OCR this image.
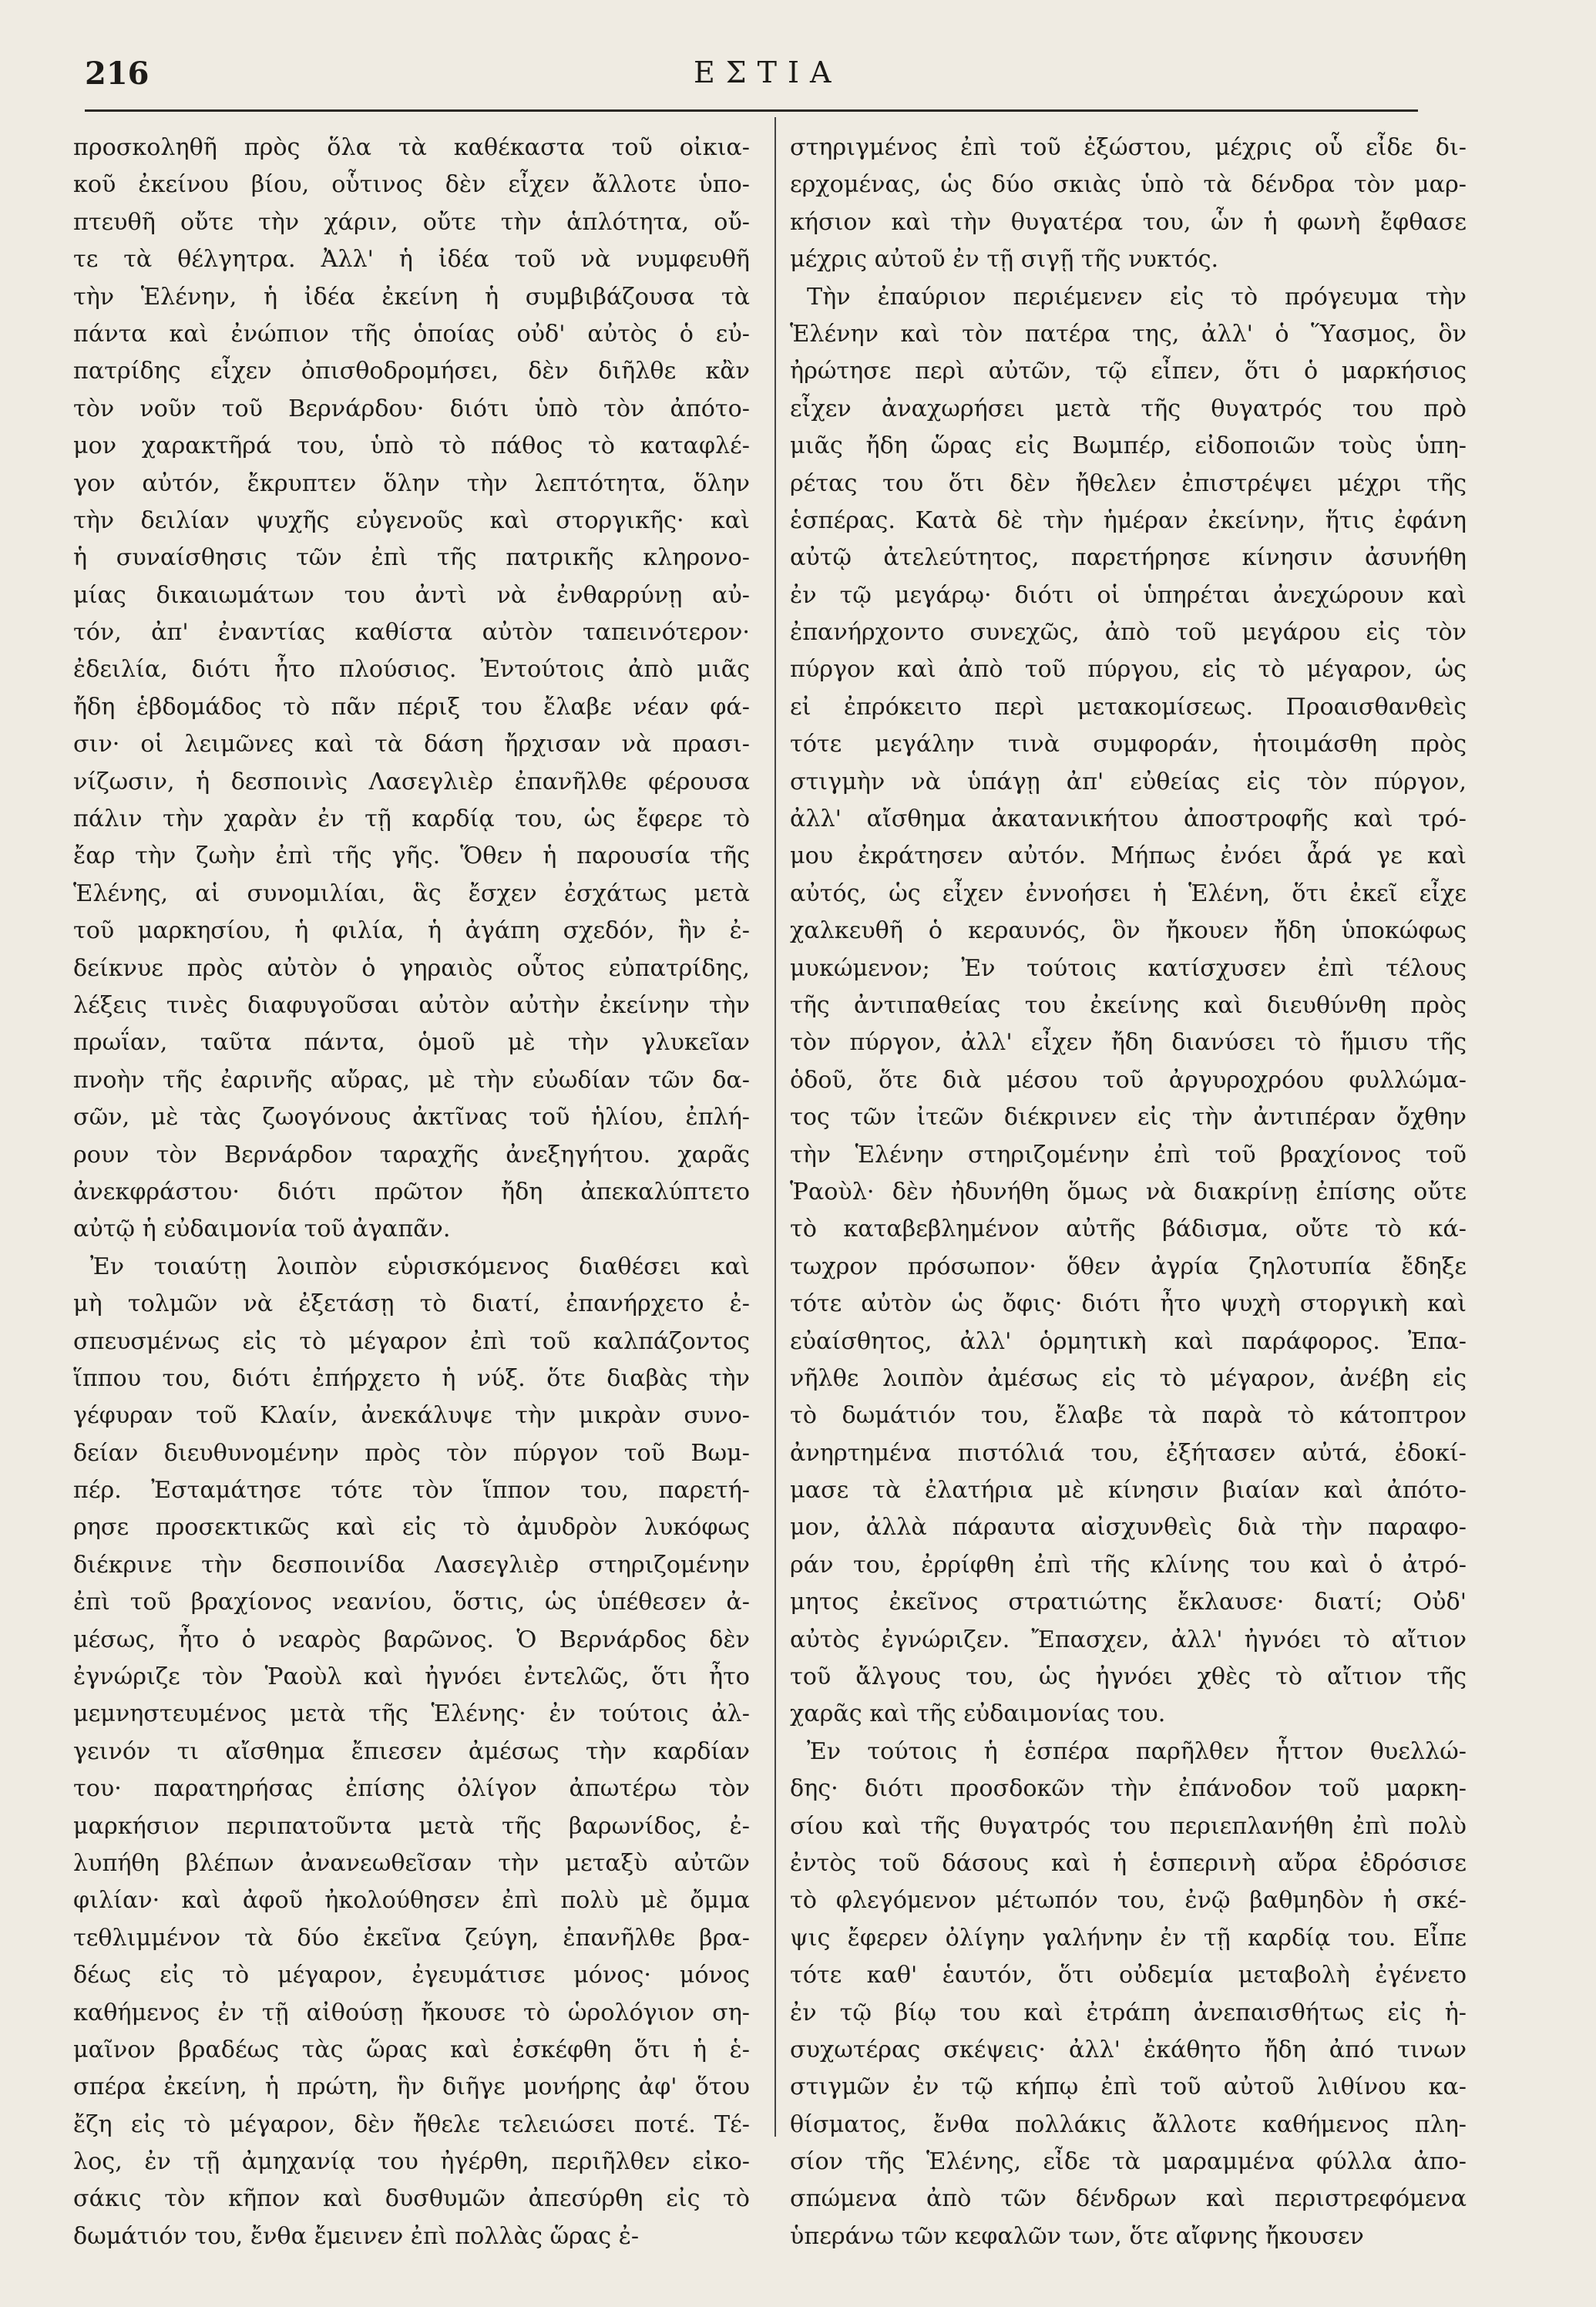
216	ΕΣΤΙΑ
προσκοληθῆ πρὸς ὅλα τὰ καθέκαστα τοῦ οἰκια-
κοῦ ἐκείνου βίου, οὗτινος δὲν εἶχεν ἄλλοτε ὑπο-
πτευθῆ οὔτε τὴν χάριν, οὔτε τὴν ἁπλότητα, οὔ-
τε τὰ θέλγητρα. Ἀλλ' ἡ ἰδέα τοῦ νὰ νυμφευθῆ
τὴν Ἑλένην, ἡ ἰδέα ἐκείνη ἡ συμβιβάζουσα τὰ
πάντα καὶ ἐνώπιον τῆς ὁποίας οὐδ' αὐτὸς ὁ εὐ-
πατρίδης εἶχεν ὀπισθοδρομήσει, δὲν διῆλθε κἂν
τὸν νοῦν τοῦ Βερνάρδου· διότι ὑπὸ τὸν ἀπότο-
μον χαρακτῆρά του, ὑπὸ τὸ πάθος τὸ καταφλέ-
γον αὐτόν, ἔκρυπτεν ὅλην τὴν λεπτότητα, ὅλην
τὴν δειλίαν ψυχῆς εὐγενοῦς καὶ στοργικῆς· καὶ
ἡ συναίσθησις τῶν ἐπὶ τῆς πατρικῆς κληρονο-
μίας δικαιωμάτων του ἀντὶ νὰ ἐνθαρρύνῃ αὐ-
τόν, ἀπ' ἐναντίας καθίστα αὐτὸν ταπεινότερον·
ἐδειλία, διότι ἦτο πλούσιος. Ἐντούτοις ἀπὸ μιᾶς
ἤδη ἑβδομάδος τὸ πᾶν πέριξ του ἔλαβε νέαν φά-
σιν· οἱ λειμῶνες καὶ τὰ δάση ἤρχισαν νὰ πρασι-
νίζωσιν, ἡ δεσποινὶς Λασεγλιὲρ ἐπανῆλθε φέρουσα
πάλιν τὴν χαρὰν ἐν τῇ καρδίᾳ του, ὡς ἔφερε τὸ
ἔαρ τὴν ζωὴν ἐπὶ τῆς γῆς. Ὅθεν ἡ παρουσία τῆς
Ἑλένης, αἱ συνομιλίαι, ἃς ἔσχεν ἐσχάτως μετὰ
τοῦ μαρκησίου, ἡ φιλία, ἡ ἀγάπη σχεδόν, ἣν ἐ-
δείκνυε πρὸς αὐτὸν ὁ γηραιὸς οὗτος εὐπατρίδης,
λέξεις τινὲς διαφυγοῦσαι αὐτὸν αὐτὴν ἐκείνην τὴν
πρωΐαν, ταῦτα πάντα, ὁμοῦ μὲ τὴν γλυκεῖαν
πνοὴν τῆς ἐαρινῆς αὔρας, μὲ τὴν εὐωδίαν τῶν δα-
σῶν, μὲ τὰς ζωογόνους ἀκτῖνας τοῦ ἡλίου, ἐπλή-
ρουν τὸν Βερνάρδον ταραχῆς ἀνεξηγήτου. χαρᾶς
ἀνεκφράστου· διότι πρῶτον ἤδη ἀπεκαλύπτετο
αὐτῷ ἡ εὐδαιμονία τοῦ ἀγαπᾶν.
Ἐν τοιαύτῃ λοιπὸν εὑρισκόμενος διαθέσει καὶ
μὴ τολμῶν νὰ ἐξετάσῃ τὸ διατί, ἐπανήρχετο ἐ-
σπευσμένως εἰς τὸ μέγαρον ἐπὶ τοῦ καλπάζοντος
ἵππου του, διότι ἐπήρχετο ἡ νύξ. ὅτε διαβὰς τὴν
γέφυραν τοῦ Κλαίν, ἀνεκάλυψε τὴν μικρὰν συνο-
δείαν διευθυνομένην πρὸς τὸν πύργον τοῦ Βωμ-
πέρ. Ἐσταμάτησε τότε τὸν ἵππον του, παρετή-
ρησε προσεκτικῶς καὶ εἰς τὸ ἀμυδρὸν λυκόφως
διέκρινε τὴν δεσποινίδα Λασεγλιὲρ στηριζομένην
ἐπὶ τοῦ βραχίονος νεανίου, ὅστις, ὡς ὑπέθεσεν ἀ-
μέσως, ἦτο ὁ νεαρὸς βαρῶνος. Ὁ Βερνάρδος δὲν
ἐγνώριζε τὸν Ῥαοὺλ καὶ ἠγνόει ἐντελῶς, ὅτι ἦτο
μεμνηστευμένος μετὰ τῆς Ἑλένης· ἐν τούτοις ἀλ-
γεινόν τι αἴσθημα ἔπιεσεν ἀμέσως τὴν καρδίαν
του· παρατηρήσας ἐπίσης ὀλίγον ἀπωτέρω τὸν
μαρκήσιον περιπατοῦντα μετὰ τῆς βαρωνίδος, ἐ-
λυπήθη βλέπων ἀνανεωθεῖσαν τὴν μεταξὺ αὐτῶν
φιλίαν· καὶ ἀφοῦ ἠκολούθησεν ἐπὶ πολὺ μὲ ὄμμα
τεθλιμμένον τὰ δύο ἐκεῖνα ζεύγη, ἐπανῆλθε βρα-
δέως εἰς τὸ μέγαρον, ἐγευμάτισε μόνος· μόνος
καθήμενος ἐν τῇ αἰθούσῃ ἤκουσε τὸ ὡρολόγιον ση-
μαῖνον βραδέως τὰς ὥρας καὶ ἐσκέφθη ὅτι ἡ ἑ-
σπέρα ἐκείνη, ἡ πρώτη, ἣν διῆγε μονήρης ἀφ' ὅτου
ἔζη εἰς τὸ μέγαρον, δὲν ἤθελε τελειώσει ποτέ. Τέ-
λος, ἐν τῇ ἀμηχανίᾳ του ἠγέρθη, περιῆλθεν εἰκο-
σάκις τὸν κῆπον καὶ δυσθυμῶν ἀπεσύρθη εἰς τὸ
δωμάτιόν του, ἔνθα ἔμεινεν ἐπὶ πολλὰς ὥρας ἐ-
στηριγμένος ἐπὶ τοῦ ἐξώστου, μέχρις οὗ εἶδε δι-
ερχομένας, ὡς δύο σκιὰς ὑπὸ τὰ δένδρα τὸν μαρ-
κήσιον καὶ τὴν θυγατέρα του, ὧν ἡ φωνὴ ἔφθασε
μέχρις αὐτοῦ ἐν τῇ σιγῇ τῆς νυκτός.
Τὴν ἐπαύριον περιέμενεν εἰς τὸ πρόγευμα τὴν
Ἑλένην καὶ τὸν πατέρα της, ἀλλ' ὁ Ὕασμος, ὃν
ἠρώτησε περὶ αὐτῶν, τῷ εἶπεν, ὅτι ὁ μαρκήσιος
εἶχεν ἀναχωρήσει μετὰ τῆς θυγατρός του πρὸ
μιᾶς ἤδη ὥρας εἰς Βωμπέρ, εἰδοποιῶν τοὺς ὑπη-
ρέτας του ὅτι δὲν ἤθελεν ἐπιστρέψει μέχρι τῆς
ἑσπέρας. Κατὰ δὲ τὴν ἡμέραν ἐκείνην, ἥτις ἐφάνη
αὐτῷ ἀτελεύτητος, παρετήρησε κίνησιν ἀσυνήθη
ἐν τῷ μεγάρῳ· διότι οἱ ὑπηρέται ἀνεχώρουν καὶ
ἐπανήρχοντο συνεχῶς, ἀπὸ τοῦ μεγάρου εἰς τὸν
πύργον καὶ ἀπὸ τοῦ πύργου, εἰς τὸ μέγαρον, ὡς
εἰ ἐπρόκειτο περὶ μετακομίσεως. Προαισθανθεὶς
τότε μεγάλην τινὰ συμφοράν, ἡτοιμάσθη πρὸς
στιγμὴν νὰ ὑπάγῃ ἀπ' εὐθείας εἰς τὸν πύργον,
ἀλλ' αἴσθημα ἀκατανικήτου ἀποστροφῆς καὶ τρό-
μου ἐκράτησεν αὐτόν. Μήπως ἐνόει ἆρά γε καὶ
αὐτός, ὡς εἶχεν ἐννοήσει ἡ Ἑλένη, ὅτι ἐκεῖ εἶχε
χαλκευθῆ ὁ κεραυνός, ὃν ἤκουεν ἤδη ὑποκώφως
μυκώμενον; Ἐν τούτοις κατίσχυσεν ἐπὶ τέλους
τῆς ἀντιπαθείας του ἐκείνης καὶ διευθύνθη πρὸς
τὸν πύργον, ἀλλ' εἶχεν ἤδη διανύσει τὸ ἥμισυ τῆς
ὁδοῦ, ὅτε διὰ μέσου τοῦ ἀργυροχρόου φυλλώμα-
τος τῶν ἰτεῶν διέκρινεν εἰς τὴν ἀντιπέραν ὄχθην
τὴν Ἑλένην στηριζομένην ἐπὶ τοῦ βραχίονος τοῦ
Ῥαοὺλ· δὲν ἠδυνήθη ὅμως νὰ διακρίνῃ ἐπίσης οὔτε
τὸ καταβεβλημένον αὐτῆς βάδισμα, οὔτε τὸ κά-
τωχρον πρόσωπον· ὅθεν ἀγρία ζηλοτυπία ἔδηξε
τότε αὐτὸν ὡς ὄφις· διότι ἦτο ψυχὴ στοργικὴ καὶ
εὐαίσθητος, ἀλλ' ὁρμητικὴ καὶ παράφορος. Ἐπα-
νῆλθε λοιπὸν ἀμέσως εἰς τὸ μέγαρον, ἀνέβη εἰς
τὸ δωμάτιόν του, ἔλαβε τὰ παρὰ τὸ κάτοπτρον
ἀνηρτημένα πιστόλιά του, ἐξήτασεν αὐτά, ἐδοκί-
μασε τὰ ἐλατήρια μὲ κίνησιν βιαίαν καὶ ἀπότο-
μον, ἀλλὰ πάραυτα αἰσχυνθεὶς διὰ τὴν παραφο-
ράν του, ἐρρίφθη ἐπὶ τῆς κλίνης του καὶ ὁ ἀτρό-
μητος ἐκεῖνος στρατιώτης ἔκλαυσε· διατί; Οὐδ'
αὐτὸς ἐγνώριζεν. Ἔπασχεν, ἀλλ' ἠγνόει τὸ αἴτιον
τοῦ ἄλγους του, ὡς ἠγνόει χθὲς τὸ αἴτιον τῆς
χαρᾶς καὶ τῆς εὐδαιμονίας του.
Ἐν τούτοις ἡ ἑσπέρα παρῆλθεν ἧττον θυελλώ-
δης· διότι προσδοκῶν τὴν ἐπάνοδον τοῦ μαρκη-
σίου καὶ τῆς θυγατρός του περιεπλανήθη ἐπὶ πολὺ
ἐντὸς τοῦ δάσους καὶ ἡ ἑσπερινὴ αὔρα ἐδρόσισε
τὸ φλεγόμενον μέτωπόν του, ἐνῷ βαθμηδὸν ἡ σκέ-
ψις ἔφερεν ὀλίγην γαλήνην ἐν τῇ καρδίᾳ του. Εἶπε
τότε καθ' ἑαυτόν, ὅτι οὐδεμία μεταβολὴ ἐγένετο
ἐν τῷ βίῳ του καὶ ἐτράπη ἀνεπαισθήτως εἰς ἡ-
συχωτέρας σκέψεις· ἀλλ' ἐκάθητο ἤδη ἀπό τινων
στιγμῶν ἐν τῷ κήπῳ ἐπὶ τοῦ αὐτοῦ λιθίνου κα-
θίσματος, ἔνθα πολλάκις ἄλλοτε καθήμενος πλη-
σίον τῆς Ἑλένης, εἶδε τὰ μαραμμένα φύλλα ἀπο-
σπώμενα ἀπὸ τῶν δένδρων καὶ περιστρεφόμενα
ὑπεράνω τῶν κεφαλῶν των, ὅτε αἴφνης ἤκουσεν
